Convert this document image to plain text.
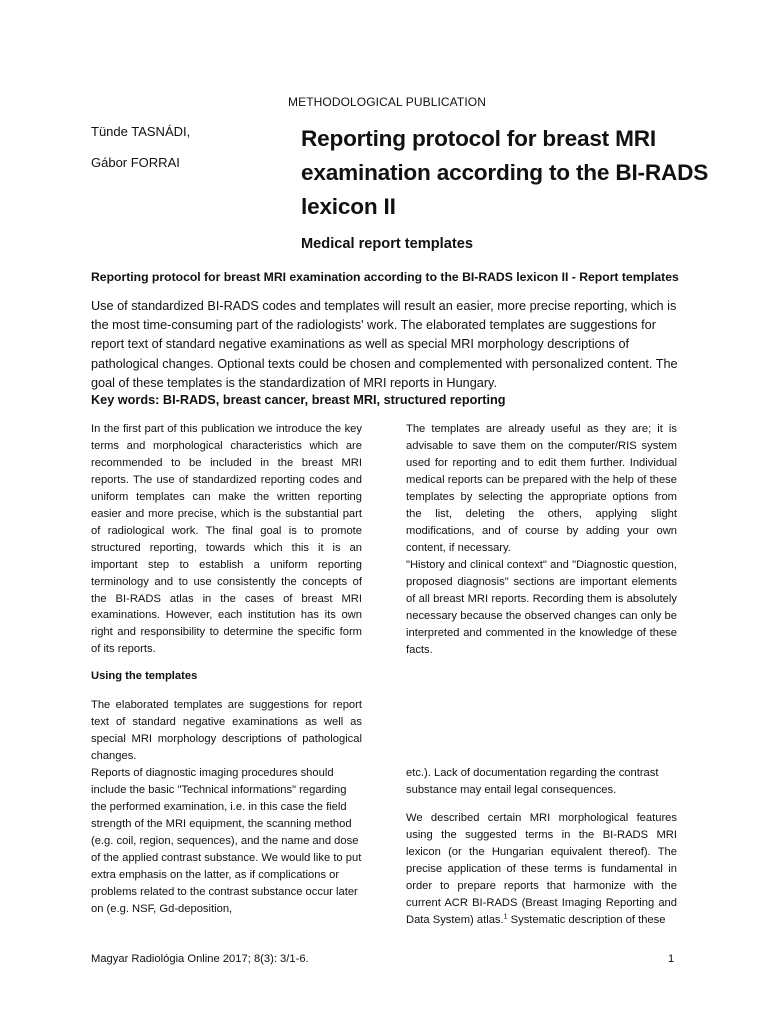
METHODOLOGICAL PUBLICATION
Tünde TASNÁDI,
Gábor FORRAI
Reporting protocol for breast MRI examination according to the BI-RADS lexicon II
Medical report templates
Reporting protocol for breast MRI examination according to the BI-RADS lexicon II - Report templates

Use of standardized BI-RADS codes and templates will result an easier, more precise reporting, which is the most time-consuming part of the radiologists' work. The elaborated templates are suggestions for report text of standard negative examinations as well as special MRI morphology descriptions of pathological changes. Optional texts could be chosen and complemented with personalized content. The goal of these templates is the standardization of MRI reports in Hungary.

Key words: BI-RADS, breast cancer, breast MRI, structured reporting

In the first part of this publication we introduce the key terms and morphological characteristics which are recommended to be included in the breast MRI reports. The use of standardized reporting codes and uniform templates can make the written reporting easier and more precise, which is the substantial part of radiological work. The final goal is to promote structured reporting, towards which this it is an important step to establish a uniform reporting terminology and to use consistently the concepts of the BI-RADS atlas in the cases of breast MRI examinations. However, each institution has its own right and responsibility to determine the specific form of its reports.

Using the templates

The elaborated templates are suggestions for report text of standard negative examinations as well as special MRI morphology descriptions of pathological changes.

Reports of diagnostic imaging procedures should include the basic "Technical informations" regarding the performed examination, i.e. in this case the field strength of the MRI equipment, the scanning method (e.g. coil, region, sequences), and the name and dose of the applied contrast substance. We would like to put extra emphasis on the latter, as if complications or problems related to the contrast substance occur later on (e.g. NSF, Gd-deposition,

The templates are already useful as they are; it is advisable to save them on the computer/RIS system used for reporting and to edit them further. Individual medical reports can be prepared with the help of these templates by selecting the appropriate options from the list, deleting the others, applying slight modifications, and of course by adding your own content, if necessary.

"History and clinical context" and "Diagnostic question, proposed diagnosis" sections are important elements of all breast MRI reports. Recording them is absolutely necessary because the observed changes can only be interpreted and commented in the knowledge of these facts.

etc.). Lack of documentation regarding the contrast substance may entail legal consequences.

We described certain MRI morphological features using the suggested terms in the BI-RADS MRI lexicon (or the Hungarian equivalent thereof). The precise application of these terms is fundamental in order to prepare reports that harmonize with the current ACR BI-RADS (Breast Imaging Reporting and Data System) atlas.$^1$ Systematic description of these

Magyar Radiológia Online 2017; 8(3): 3/1-6.	1
